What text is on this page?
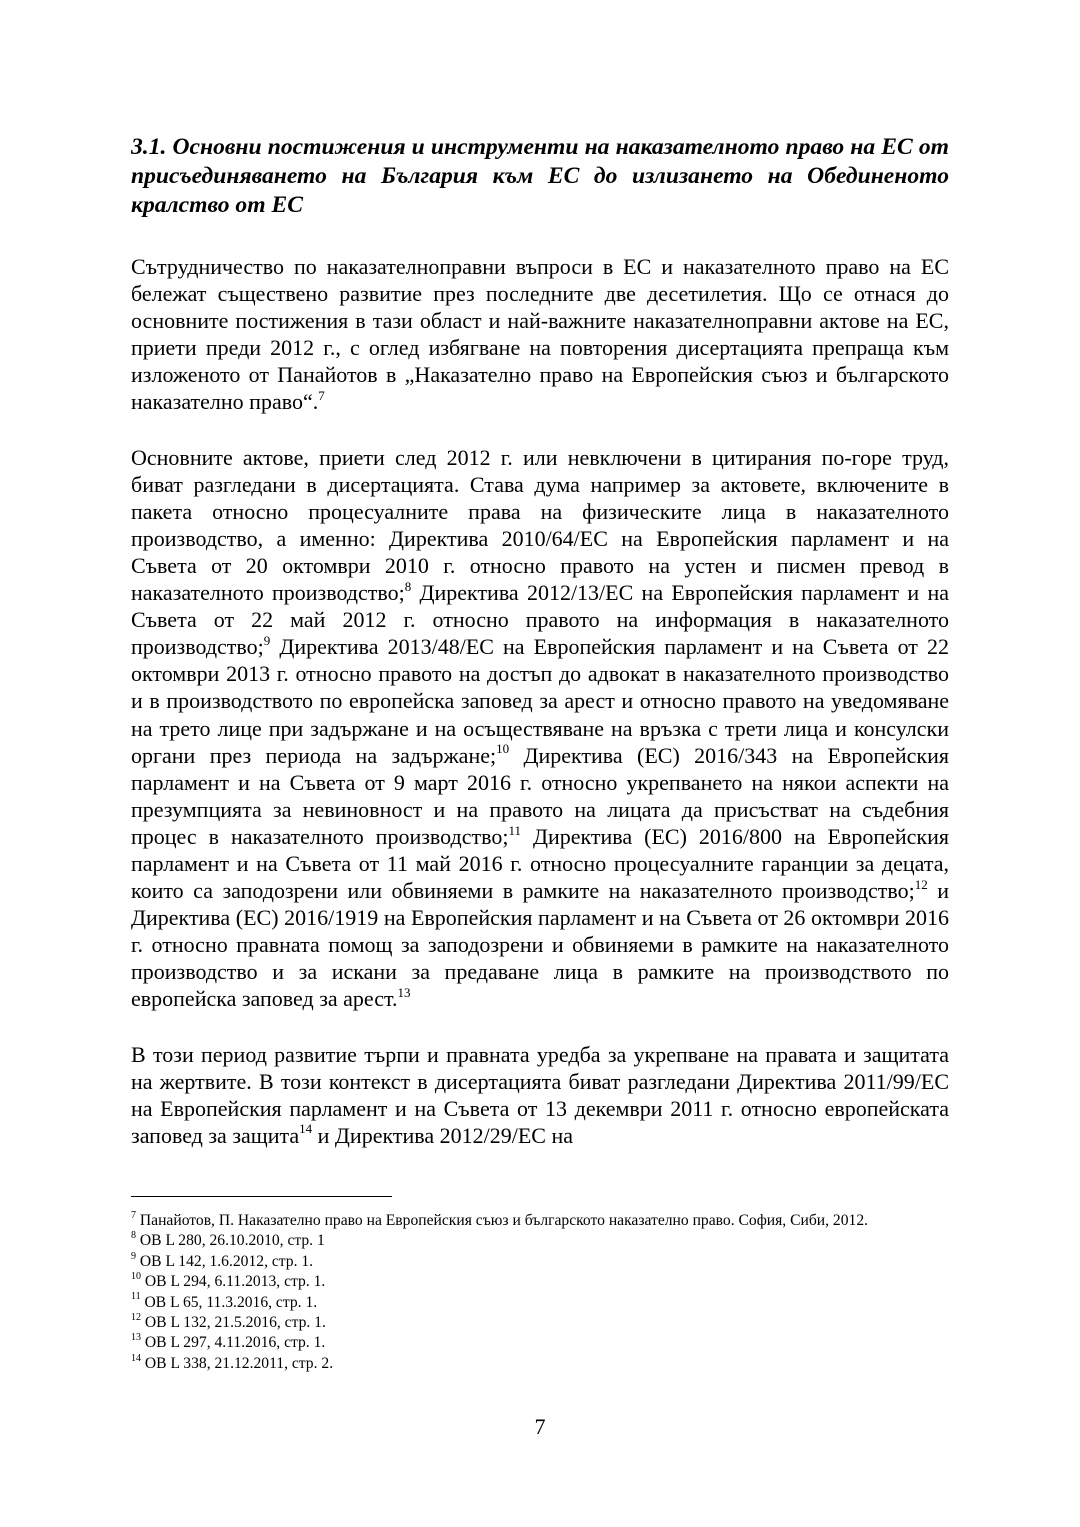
3.1. Основни постижения и инструменти на наказателното право на ЕС от присъединяването на България към ЕС до излизането на Обединеното кралство от ЕС

Сътрудничество по наказателноправни въпроси в ЕС и наказателното право на ЕС бележат съществено развитие през последните две десетилетия. Що се отнася до основните постижения в тази област и най-важните наказателноправни актове на ЕС, приети преди 2012 г., с оглед избягване на повторения дисертацията препраща към изложеното от Панайотов в „Наказателно право на Европейския съюз и българското наказателно право“.$^7$

Основните актове, приети след 2012 г. или невключени в цитирания по-горе труд, биват разгледани в дисертацията. Става дума например за актовете, включените в пакета относно процесуалните права на физическите лица в наказателното производство, а именно: Директива 2010/64/ЕС на Европейския парламент и на Съвета от 20 октомври 2010 г. относно правото на устен и писмен превод в наказателното производство;$^8$ Директива 2012/13/ЕС на Европейския парламент и на Съвета от 22 май 2012 г. относно правото на информация в наказателното производство;$^9$ Директива 2013/48/ЕС на Европейския парламент и на Съвета от 22 октомври 2013 г. относно правото на достъп до адвокат в наказателното производство и в производството по европейска заповед за арест и относно правото на уведомяване на трето лице при задържане и на осъществяване на връзка с трети лица и консулски органи през периода на задържане;$^{10}$ Директива (ЕС) 2016/343 на Европейския парламент и на Съвета от 9 март 2016 г. относно укрепването на някои аспекти на презумпцията за невиновност и на правото на лицата да присъстват на съдебния процес в наказателното производство;$^{11}$ Директива (ЕС) 2016/800 на Европейския парламент и на Съвета от 11 май 2016 г. относно процесуалните гаранции за децата, които са заподозрени или обвиняеми в рамките на наказателното производство;$^{12}$ и Директива (ЕС) 2016/1919 на Европейския парламент и на Съвета от 26 октомври 2016 г. относно правната помощ за заподозрени и обвиняеми в рамките на наказателното производство и за искани за предаване лица в рамките на производството по европейска заповед за арест.$^{13}$

В този период развитие търпи и правната уредба за укрепване на правата и защитата на жертвите. В този контекст в дисертацията биват разгледани Директива 2011/99/ЕС на Европейския парламент и на Съвета от 13 декември 2011 г. относно европейската заповед за защита$^{14}$ и Директива 2012/29/ЕС на

$^7$ Панайотов, П. Наказателно право на Европейския съюз и българското наказателно право. София, Сиби, 2012.

$^8$ ОВ L 280, 26.10.2010, стр. 1

$^9$ ОВ L 142, 1.6.2012, стр. 1.

$^{10}$ ОВ L 294, 6.11.2013, стр. 1.

$^{11}$ ОВ L 65, 11.3.2016, стр. 1.

$^{12}$ ОВ L 132, 21.5.2016, стр. 1.

$^{13}$ ОВ L 297, 4.11.2016, стр. 1.

$^{14}$ ОВ L 338, 21.12.2011, стр. 2.

7
